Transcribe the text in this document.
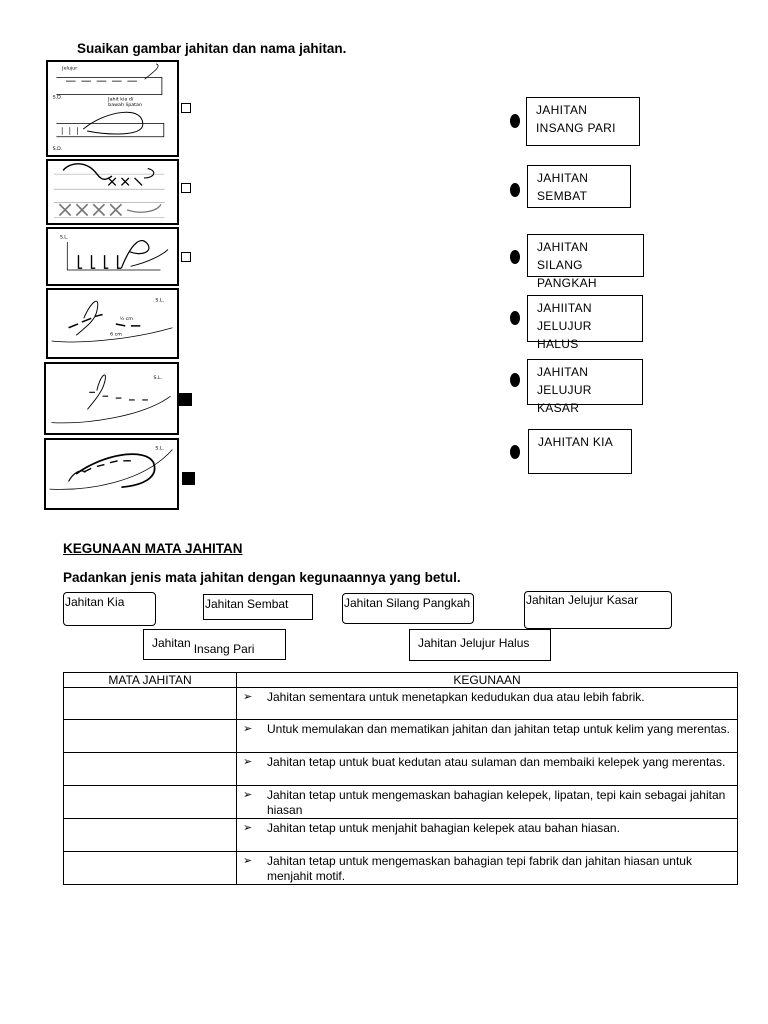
Suaikan gambar jahitan dan nama jahitan.
Jelujur
S.D.	Jahit kia di
bawah lipatan
S.D.
S.L.
S.L.
½ cm
6 cm
S.L.
S.L.
JAHITAN
INSANG PARI
JAHITAN
SEMBAT
JAHITAN SILANG
PANGKAH
JAHIITAN
JELUJUR HALUS
JAHITAN
JELUJUR KASAR
JAHITAN KIA
KEGUNAAN MATA JAHITAN
Padankan jenis mata jahitan dengan kegunaannya yang betul.
Jahitan Kia	Jahitan Sembat	Jahitan Silang Pangkah	Jahitan Jelujur Kasar
Jahitan Insang Pari	Jahitan Jelujur Halus
MATA JAHITAN	KEGUNAAN

	➢ Jahitan sementara untuk menetapkan kedudukan dua atau lebih fabrik.

	➢ Untuk memulakan dan mematikan jahitan dan jahitan tetap untuk kelim yang merentas.

	➢ Jahitan tetap untuk buat kedutan atau sulaman dan membaiki kelepek yang merentas.

	➢ Jahitan tetap untuk mengemaskan bahagian kelepek, lipatan, tepi kain sebagai jahitan hiasan

	➢ Jahitan tetap untuk menjahit bahagian kelepek atau bahan hiasan.

	➢ Jahitan tetap untuk mengemaskan bahagian tepi fabrik dan jahitan hiasan untuk menjahit motif.
